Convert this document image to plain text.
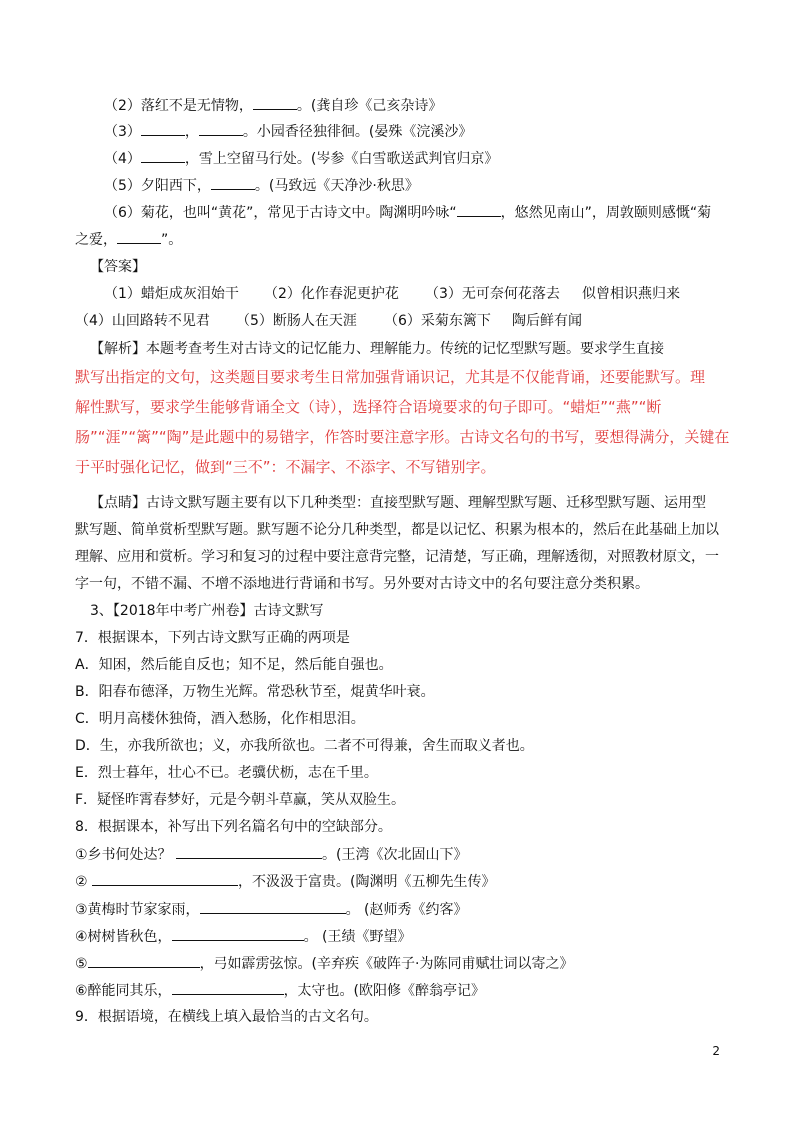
（2）落红不是无情物，	。(龚自珍《己亥杂诗》
（3）	，	。小园香径独徘徊。(晏殊《浣溪沙》
（4）	，雪上空留马行处。(岑参《白雪歌送武判官归京》
（5）夕阳西下，	。(马致远《天净沙·秋思》
（6）菊花，也叫“黄花”，常见于古诗文中。陶渊明吟咏“	，悠然见南山”，周敦颐则感慨“菊
之爱，	”。
【答案】
（1）蜡炬成灰泪始干 （2）化作春泥更护花 （3）无可奈何花落去 似曾相识燕归来
（4）山回路转不见君 （5）断肠人在天涯 （6）采菊东篱下 陶后鲜有闻
【解析】本题考查考生对古诗文的记忆能力、理解能力。传统的记忆型默写题。要求学生直接
默写出指定的文句，这类题目要求考生日常加强背诵识记，尤其是不仅能背诵，还要能默写。理
解性默写，要求学生能够背诵全文（诗），选择符合语境要求的句子即可。“蜡炬”“燕”“断
肠”“涯”“篱”“陶”是此题中的易错字，作答时要注意字形。古诗文名句的书写，要想得满分，关键在
于平时强化记忆，做到“三不”：不漏字、不添字、不写错别字。
【点睛】古诗文默写题主要有以下几种类型：直接型默写题、理解型默写题、迁移型默写题、运用型
默写题、简单赏析型默写题。默写题不论分几种类型，都是以记忆、积累为根本的，然后在此基础上加以
理解、应用和赏析。学习和复习的过程中要注意背完整，记清楚，写正确，理解透彻，对照教材原文，一
字一句，不错不漏、不增不添地进行背诵和书写。另外要对古诗文中的名句要注意分类积累。
3、【2018年中考广州卷】古诗文默写
7．根据课本，下列古诗文默写正确的两项是
A．知困，然后能自反也；知不足，然后能自强也。
B．阳春布德泽，万物生光辉。常恐秋节至，焜黄华叶衰。
C．明月高楼休独倚，酒入愁肠，化作相思泪。
D．生，亦我所欲也；义，亦我所欲也。二者不可得兼，舍生而取义者也。
E．烈士暮年，壮心不已。老骥伏枥，志在千里。
F．疑怪昨霄春梦好，元是今朝斗草赢，笑从双脸生。
8．根据课本，补写出下列名篇名句中的空缺部分。
①乡书何处达？	。(王湾《次北固山下》
②	，不汲汲于富贵。(陶渊明《五柳先生传》
③黄梅时节家家雨，	。 (赵师秀《约客》
④树树皆秋色，	。 (王绩《野望》
⑤	，弓如霹雳弦惊。(辛弃疾《破阵子·为陈同甫赋壮词以寄之》
⑥醉能同其乐，	，太守也。(欧阳修《醉翁亭记》
9．根据语境，在横线上填入最恰当的古文名句。
2
